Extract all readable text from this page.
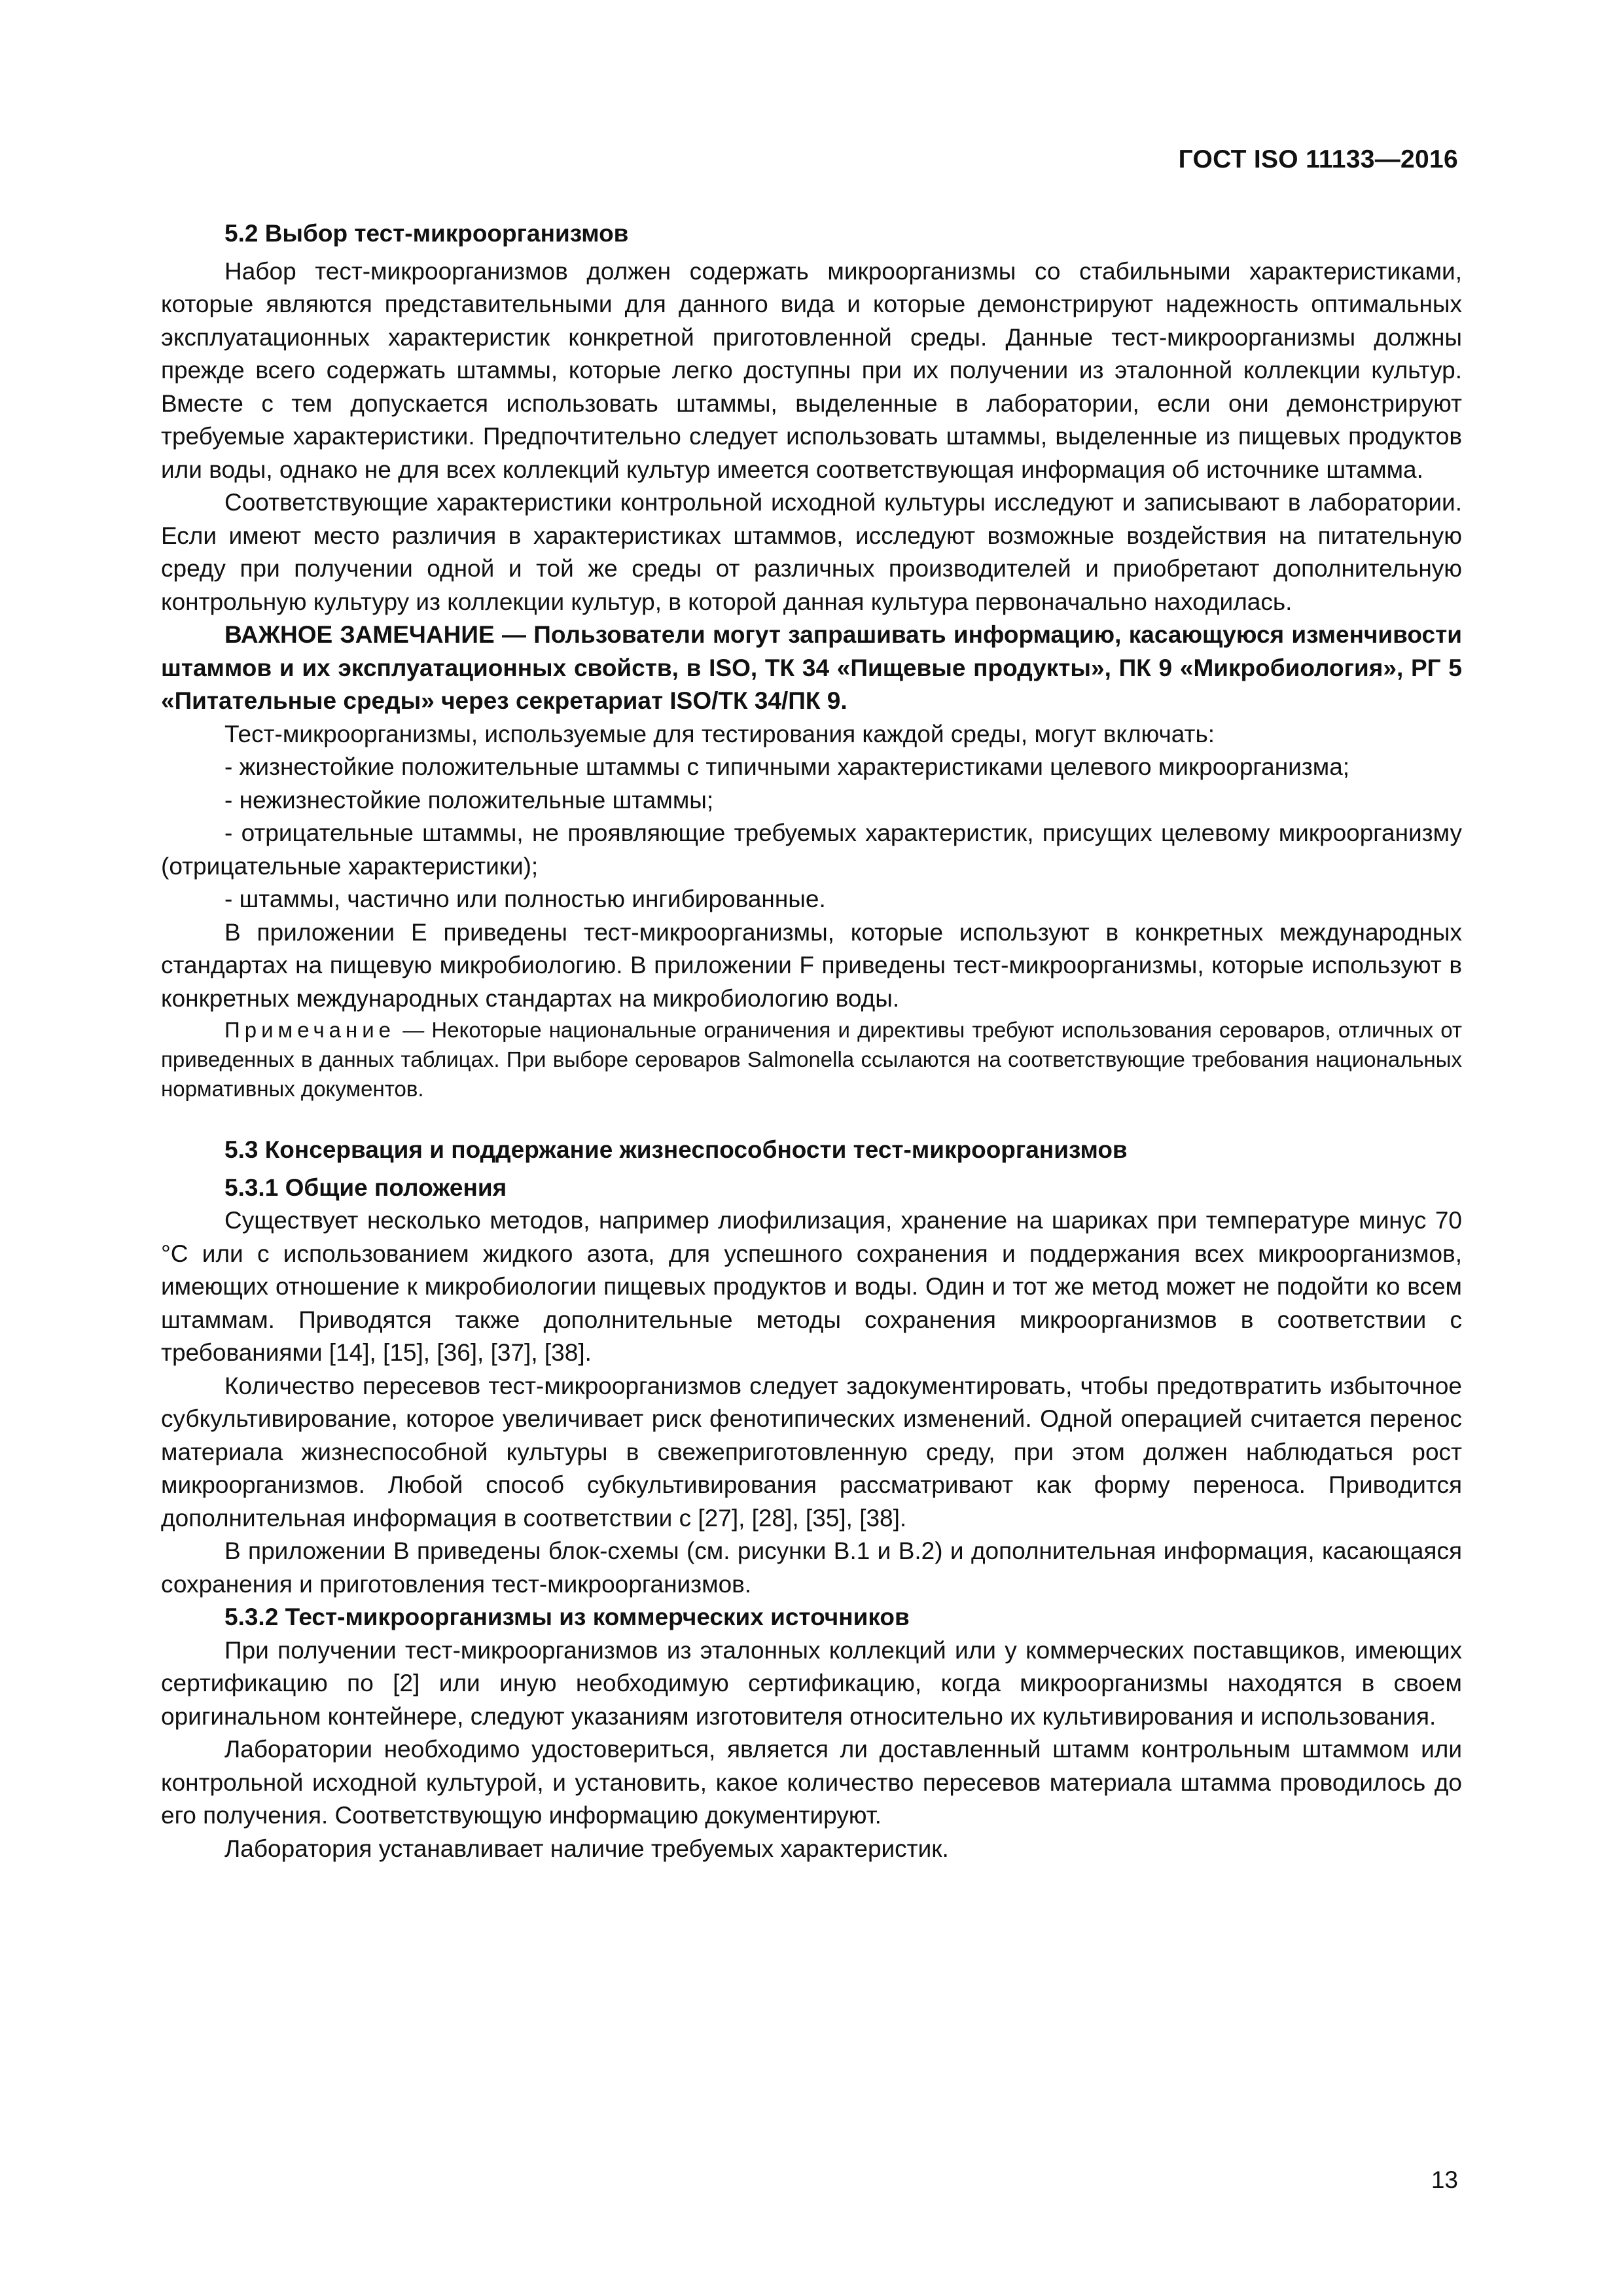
ГОСТ ISO 11133—2016

5.2 Выбор тест-микроорганизмов

Набор тест-микроорганизмов должен содержать микроорганизмы со стабильными характеристиками, которые являются представительными для данного вида и которые демонстрируют надежность оптимальных эксплуатационных характеристик конкретной приготовленной среды. Данные тест-микроорганизмы должны прежде всего содержать штаммы, которые легко доступны при их получении из эталонной коллекции культур. Вместе с тем допускается использовать штаммы, выделенные в лаборатории, если они демонстрируют требуемые характеристики. Предпочтительно следует использовать штаммы, выделенные из пищевых продуктов или воды, однако не для всех коллекций культур имеется соответствующая информация об источнике штамма.

Соответствующие характеристики контрольной исходной культуры исследуют и записывают в лаборатории. Если имеют место различия в характеристиках штаммов, исследуют возможные воздействия на питательную среду при получении одной и той же среды от различных производителей и приобретают дополнительную контрольную культуру из коллекции культур, в которой данная культура первоначально находилась.

ВАЖНОЕ ЗАМЕЧАНИЕ — Пользователи могут запрашивать информацию, касающуюся изменчивости штаммов и их эксплуатационных свойств, в ISO, ТК 34 «Пищевые продукты», ПК 9 «Микробиология», РГ 5 «Питательные среды» через секретариат ISO/ТК 34/ПК 9.

Тест-микроорганизмы, используемые для тестирования каждой среды, могут включать:

- жизнестойкие положительные штаммы с типичными характеристиками целевого микроорганизма;

- нежизнестойкие положительные штаммы;

- отрицательные штаммы, не проявляющие требуемых характеристик, присущих целевому микроорганизму (отрицательные характеристики);

- штаммы, частично или полностью ингибированные.

В приложении Е приведены тест-микроорганизмы, которые используют в конкретных международных стандартах на пищевую микробиологию. В приложении F приведены тест-микроорганизмы, которые используют в конкретных международных стандартах на микробиологию воды.

Примечание — Некоторые национальные ограничения и директивы требуют использования сероваров, отличных от приведенных в данных таблицах. При выборе сероваров Salmonella ссылаются на соответствующие требования национальных нормативных документов.

5.3 Консервация и поддержание жизнеспособности тест-микроорганизмов

5.3.1 Общие положения

Существует несколько методов, например лиофилизация, хранение на шариках при температуре минус 70 °С или с использованием жидкого азота, для успешного сохранения и поддержания всех микроорганизмов, имеющих отношение к микробиологии пищевых продуктов и воды. Один и тот же метод может не подойти ко всем штаммам. Приводятся также дополнительные методы сохранения микроорганизмов в соответствии с требованиями [14], [15], [36], [37], [38].

Количество пересевов тест-микроорганизмов следует задокументировать, чтобы предотвратить избыточное субкультивирование, которое увеличивает риск фенотипических изменений. Одной операцией считается перенос материала жизнеспособной культуры в свежеприготовленную среду, при этом должен наблюдаться рост микроорганизмов. Любой способ субкультивирования рассматривают как форму переноса. Приводится дополнительная информация в соответствии с [27], [28], [35], [38].

В приложении В приведены блок-схемы (см. рисунки В.1 и В.2) и дополнительная информация, касающаяся сохранения и приготовления тест-микроорганизмов.

5.3.2 Тест-микроорганизмы из коммерческих источников

При получении тест-микроорганизмов из эталонных коллекций или у коммерческих поставщиков, имеющих сертификацию по [2] или иную необходимую сертификацию, когда микроорганизмы находятся в своем оригинальном контейнере, следуют указаниям изготовителя относительно их культивирования и использования.

Лаборатории необходимо удостовериться, является ли доставленный штамм контрольным штаммом или контрольной исходной культурой, и установить, какое количество пересевов материала штамма проводилось до его получения. Соответствующую информацию документируют.

Лаборатория устанавливает наличие требуемых характеристик.

13
